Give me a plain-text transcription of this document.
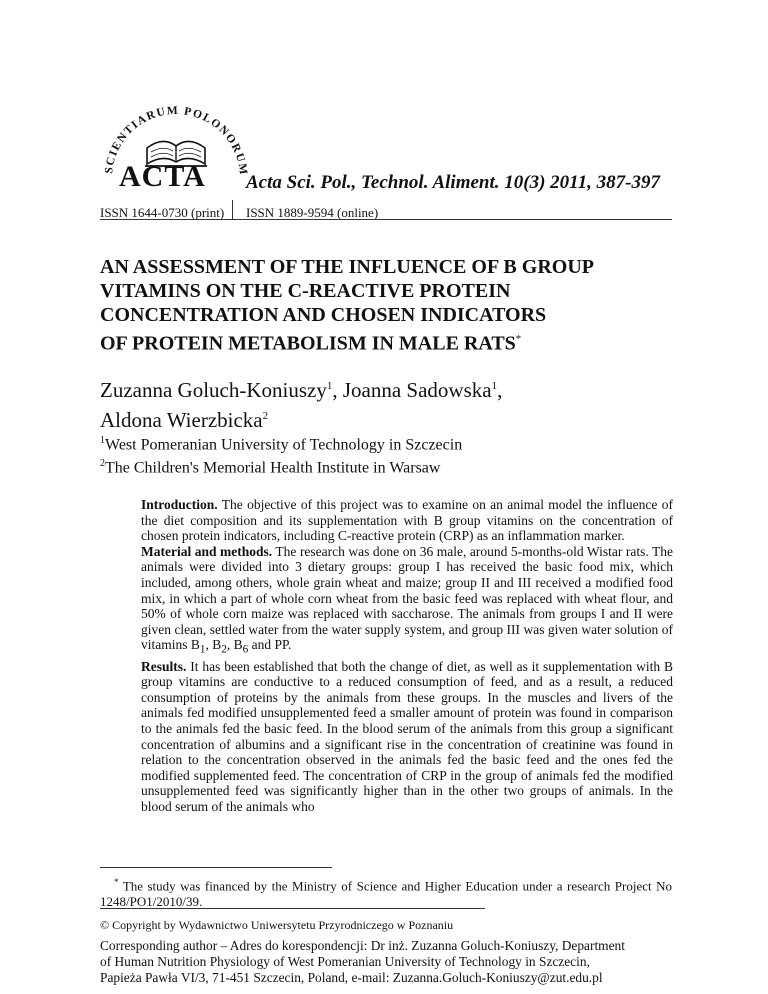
SCIENTIARUM POLONORUM
ACTA Acta Sci. Pol., Technol. Aliment. 10(3) 2011, 387-397
ISSN 1644-0730 (print) ISSN 1889-9594 (online)
AN ASSESSMENT OF THE INFLUENCE OF B GROUP
VITAMINS ON THE C-REACTIVE PROTEIN
CONCENTRATION AND CHOSEN INDICATORS
OF PROTEIN METABOLISM IN MALE RATS*
Zuzanna Goluch-Koniuszy$^1$, Joanna Sadowska$^1$,
Aldona Wierzbicka$^2$
$^1$West Pomeranian University of Technology in Szczecin
$^2$The Children's Memorial Health Institute in Warsaw

Introduction. The objective of this project was to examine on an animal model the influence of the diet composition and its supplementation with B group vitamins on the concentration of chosen protein indicators, including C-reactive protein (CRP) as an inflammation marker.

Material and methods. The research was done on 36 male, around 5-months-old Wistar rats. The animals were divided into 3 dietary groups: group I has received the basic food mix, which included, among others, whole grain wheat and maize; group II and III received a modified food mix, in which a part of whole corn wheat from the basic feed was replaced with wheat flour, and 50% of whole corn maize was replaced with saccharose. The animals from groups I and II were given clean, settled water from the water supply system, and group III was given water solution of vitamins $B_1$, $B_2$, $B_6$ and PP.

Results. It has been established that both the change of diet, as well as it supplementation with B group vitamins are conductive to a reduced consumption of feed, and as a result, a reduced consumption of proteins by the animals from these groups. In the muscles and livers of the animals fed modified unsupplemented feed a smaller amount of protein was found in comparison to the animals fed the basic feed. In the blood serum of the animals from this group a significant concentration of albumins and a significant rise in the concentration of creatinine was found in relation to the concentration observed in the animals fed the basic feed and the ones fed the modified supplemented feed. The concentration of CRP in the group of animals fed the modified unsupplemented feed was significantly higher than in the other two groups of animals. In the blood serum of the animals who

* The study was financed by the Ministry of Science and Higher Education under a research Project No 1248/PO1/2010/39.

© Copyright by Wydawnictwo Uniwersytetu Przyrodniczego w Poznaniu
Corresponding author – Adres do korespondencji: Dr inż. Zuzanna Goluch-Koniuszy, Department
of Human Nutrition Physiology of West Pomeranian University of Technology in Szczecin,
Papieża Pawła VI/3, 71-451 Szczecin, Poland, e-mail: Zuzanna.Goluch-Koniuszy@zut.edu.pl
